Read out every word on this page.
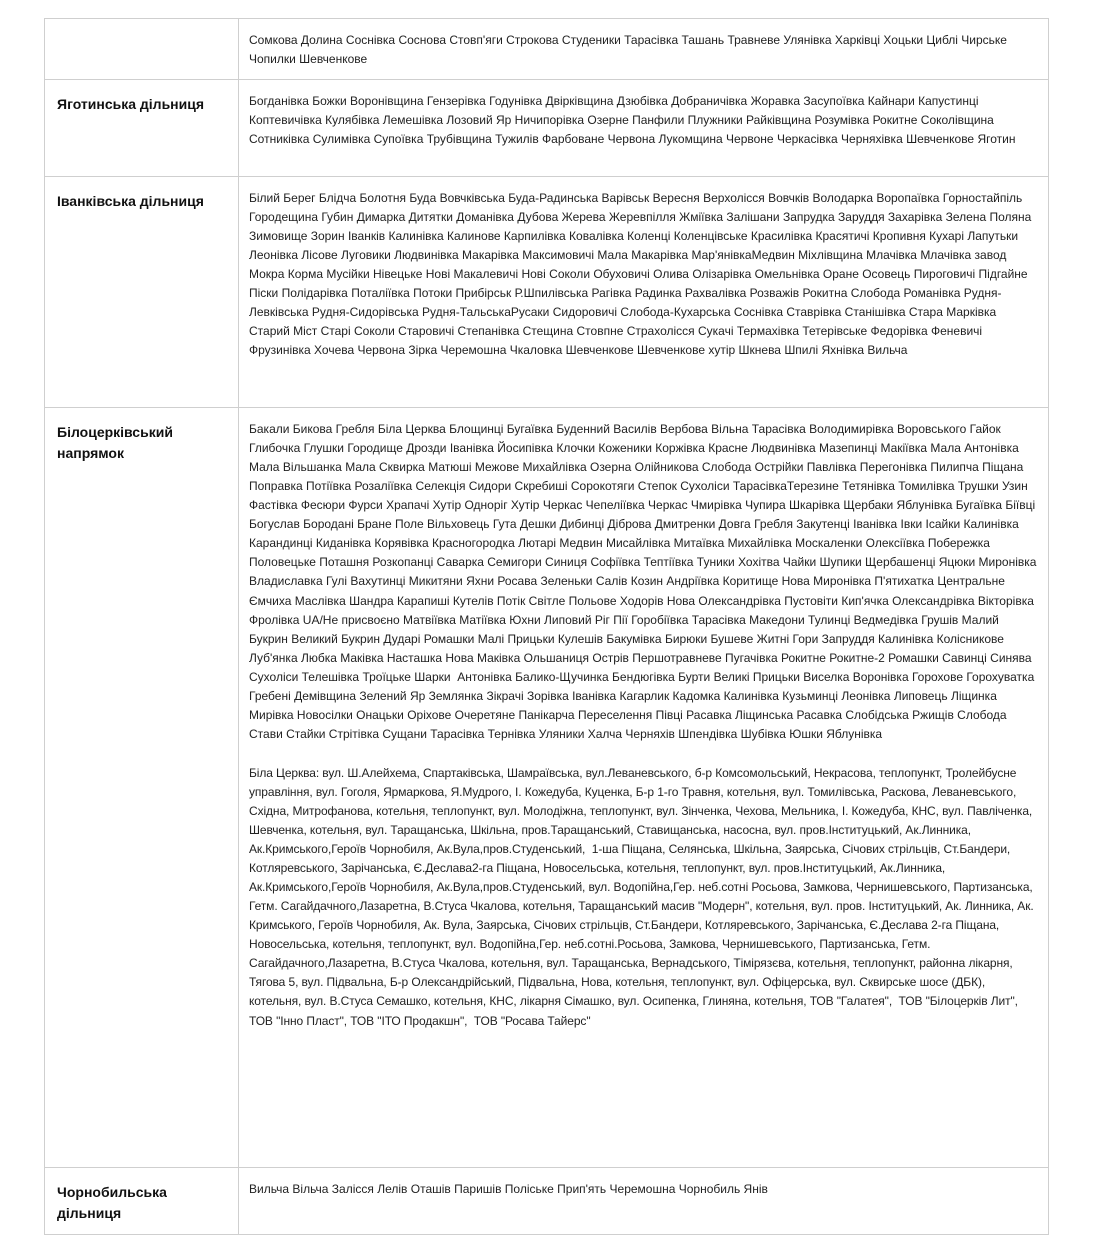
	Сомкова Долина Соснівка Соснова Стовп'яги Строкова Студеники Тарасівка Ташань Травневе Улянівка Харківці Хоцьки Циблі Чирське Чопилки Шевченкове

Яготинська дільниця	Богданівка Божки Воронівщина Гензерівка Годунівка Двірківщина Дзюбівка Добраничівка Жоравка Засупоївка Кайнари Капустинці Коптевичівка Кулябівка Лемешівка Лозовий Яр Ничипорівка Озерне Панфили Плужники Райківщина Розумівка Рокитне Соколівщина Сотниківка Сулимівка Супоївка Трубівщина Тужилів Фарбоване Червона Лукомщина Червоне Черкасівка Черняхівка Шевченкове Яготин

Іванківська дільниця	Білий Берег Блідча Болотня Буда Вовчківська Буда-Радинська Варівськ Вересня Верхолісся Вовчків Володарка Воропаївка Горностайпіль Городещина Губин Димарка Дитятки Доманівка Дубова Жерева Жеревпілля Жміївка Залішани Запрудка Заруддя Захарівка Зелена Поляна Зимовище Зорин Іванків Калинівка Калинове Карпилівка Ковалівка Коленці Коленцівське Красилівка Красятичі Кропивня Кухарі Лапутьки Леонівка Лісове Луговики Людвинівка Макарівка Максимовичі Мала Макарівка Мар'янівкаМедвин Міхлівщина Млачівка Млачівка завод Мокра Корма Мусійки Нівецьке Нові Макалевичі Нові Соколи Обуховичі Олива Олізарівка Омельнівка Оране Осовець Пироговичі Підгайне Піски Полідарівка Поталіївка Потоки Прибірськ Р.Шпилівська Рагівка Радинка Рахвалівка Розважів Рокитна Слобода Романівка Рудня-Левківська Рудня-Сидорівська Рудня-ТальськаРусаки Сидоровичі Слобода-Кухарська Соснівка Ставрівка Станішівка Стара Марківка Старий Міст Старі Соколи Старовичі Степанівка Стещина Стовпне Страхолісся Сукачі Термахівка Тетерівське Федорівка Феневичі Фрузинівка Хочева Червона Зірка Черемошна Чкаловка Шевченкове Шевченкове хутір Шкнева Шпилі Яхнівка Вильча

Білоцерківський напрямок	Бакали Бикова Гребля Біла Церква Блощинці Бугаївка Буденний Василів Вербова Вільна Тарасівка Володимирівка Воровського Гайок Глибочка Глушки Городище Дрозди Іванівка Йосипівка Клочки Коженики Коржівка Красне Людвинівка Мазепинці Макіївка Мала Антонівка Мала Вільшанка Мала Сквирка Матюші Межове Михайлівка Озерна Олійникова Слобода Острійки Павлівка Перегонівка Пилипча Піщана Поправка Потіївка Розаліївка Селекція Сидори Скребиші Сорокотяги Степок Сухоліси ТарасівкаТерезине Тетянівка Томилівка Трушки Узин Фастівка Фесюри Фурси Храпачі Хутір Одноріг Хутір Черкас Чепеліївка Черкас Чмирівка Чупира Шкарівка Щербаки Яблунівка Бугаївка Біївці Богуслав Бородані Бране Поле Вільховець Гута Дешки Дибинці Діброва Дмитренки Довга Гребля Закутенці Іванівка Івки Ісайки Калинівка Карандинці Киданівка Корявівка Красногородка Лютарі Медвин Мисайлівка Митаївка Михайлівка Москаленки Олексіївка Побережка Половецьке Поташня Розкопанці Саварка Семигори Синиця Софіївка Тептіївка Туники Хохітва Чайки Шупики Щербашенці Яцюки Миронівка Владиславка Гулі Вахутинці Микитяни Яхни Росава Зеленьки Салів Козин Андріївка Коритище Нова Миронівка П'ятихатка Центральне Ємчиха Маслівка Шандра Карапиші Кутелів Потік Світле Польове Ходорів Нова Олександрівка Пустовіти Кип'ячка Олександрівка Вікторівка Фролівка UA/Не присвоєно Матвіївка Матіївка Юхни Липовий Ріг Пії Горобіївка Тарасівка Македони Тулинці Ведмедівка Грушів Малий Букрин Великий Букрин Дударі Ромашки Малі Прицьки Кулешів Бакумівка Бирюки Бушеве Житні Гори Запруддя Калинівка Колісникове Луб'янка Любка Маківка Насташка Нова Маківка Ольшаниця Острів Першотравневе Пугачівка Рокитне Рокитне-2 Ромашки Савинці Синява Сухоліси Телешівка Троїцьке Шарки  Антонівка Балико-Щучинка Бендюгівка Бурти Великі Прицьки Виселка Воронівка Горохове Горохуватка Гребені Демівщина Зелений Яр Землянка Зікрачі Зорівка Іванівка Кагарлик Кадомка Калинівка Кузьминці Леонівка Липовець Ліщинка Мирівка Новосілки Онацьки Оріхове Очеретяне Панікарча Переселення Півці Расавка Ліщинська Расавка Слобідська Ржищів Слобода Стави Стайки Стрітівка Сущани Тарасівка Тернівка Уляники Халча Черняхів Шпендівка Шубівка Юшки Яблунівка
Біла Церква: вул. Ш.Алейхема, Спартаківська, Шамраївська, вул.Леваневського, б-р Комсомольський, Некрасова, теплопункт, Тролейбусне управління, вул. Гоголя, Ярмаркова, Я.Мудрого, І. Кожедуба, Куценка, Б-р 1-го Травня, котельня, вул. Томилівська, Раскова, Леваневського, Східна, Митрофанова, котельня, теплопункт, вул. Молодіжна, теплопункт, вул. Зінченка, Чехова, Мельника, І. Кожедуба, КНС, вул. Павліченка, Шевченка, котельня, вул. Таращанська, Шкільна, пров.Таращанський, Ставищанська, насосна, вул. пров.Інституцький, Ак.Линника, Ак.Кримського,Героїв Чорнобиля, Ак.Вула,пров.Студенський,  1-ша Піщана, Селянська, Шкільна, Заярська, Січових стрільців, Ст.Бандери, Котляревського, Зарічанська, Є.Деслава2-га Піщана, Новосельська, котельня, теплопункт, вул. пров.Інституцький, Ак.Линника, Ак.Кримського,Героїв Чорнобиля, Ак.Вула,пров.Студенський, вул. Водопійна,Гер. неб.сотні Росьова, Замкова, Чернишевського, Партизанська, Гетм. Сагайдачного,Лазаретна, В.Стуса Чкалова, котельня, Таращанський масив "Модерн", котельня, вул. пров. Інституцький, Ак. Линника, Ак. Кримського, Героїв Чорнобиля, Ак. Вула, Заярська, Січових стрільців, Ст.Бандери, Котляревського, Зарічанська, Є.Деслава 2-га Піщана, Новосельська, котельня, теплопункт, вул. Водопійна,Гер. неб.сотні.Росьова, Замкова, Чернишевського, Партизанська, Гетм. Сагайдачного,Лазаретна, В.Стуса Чкалова, котельня, вул. Таращанська, Вернадського, Тімірязєва, котельня, теплопункт, районна лікарня, Тягова 5, вул. Підвальна, Б-р Олександрійський, Підвальна, Нова, котельня, теплопункт, вул. Офіцерська, вул. Сквирське шосе (ДБК), котельня, вул. В.Стуса Семашко, котельня, КНС, лікарня Сімашко, вул. Осипенка, Глиняна, котельня, ТОВ "Галатея",  ТОВ "Білоцерків Лит",  ТОВ "Інно Пласт", ТОВ "ІТО Продакшн",  ТОВ "Росава Тайерс"

Чорнобильська дільниця	Вильча Вільча Залісся Лелів Оташів Паришів Поліське Прип'ять Черемошна Чорнобиль Янів
